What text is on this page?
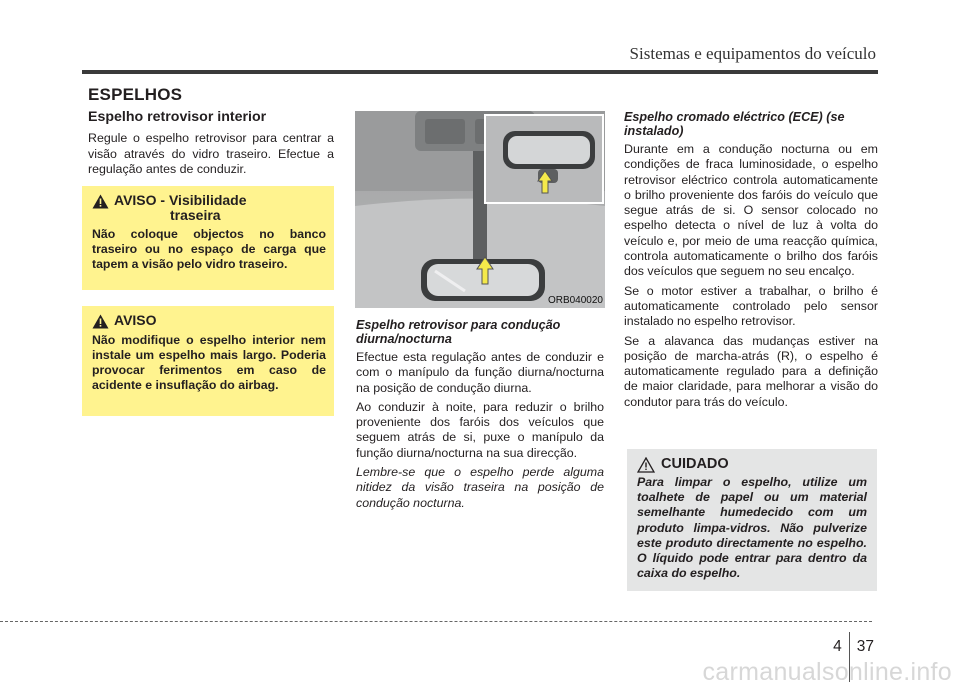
Sistemas e equipamentos do veículo
ESPELHOS
Espelho retrovisor interior

Regule o espelho retrovisor para centrar a visão através do vidro traseiro. Efectue a regulação antes de conduzir.

AVISO - Visibilidade
traseira

Não coloque objectos no banco traseiro ou no espaço de carga que tapem a visão pelo vidro traseiro.

AVISO

Não modifique o espelho interior nem instale um espelho mais largo. Poderia provocar ferimentos em caso de acidente e insuflação do airbag.

ORB040020
Espelho retrovisor para condução diurna/nocturna

Efectue esta regulação antes de conduzir e com o manípulo da função diurna/nocturna na posição de condução diurna.

Ao conduzir à noite, para reduzir o brilho proveniente dos faróis dos veículos que seguem atrás de si, puxe o manípulo da função diurna/nocturna na sua direcção.

Lembre-se que o espelho perde alguma nitidez da visão traseira na posição de condução nocturna.

Espelho cromado eléctrico (ECE) (se instalado)

Durante em a condução nocturna ou em condições de fraca luminosidade, o espelho retrovisor eléctrico controla automaticamente o brilho proveniente dos faróis do veículo que segue atrás de si. O sensor colocado no espelho detecta o nível de luz à volta do veículo e, por meio de uma reacção química, controla automaticamente o brilho dos faróis dos veículos que seguem no seu encalço.

Se o motor estiver a trabalhar, o brilho é automaticamente controlado pelo sensor instalado no espelho retrovisor.

Se a alavanca das mudanças estiver na posição de marcha-atrás (R), o espelho é automaticamente regulado para a definição de maior claridade, para melhorar a visão do condutor para trás do veículo.

CUIDADO

Para limpar o espelho, utilize um toalhete de papel ou um material semelhante humedecido com um produto limpa-vidros. Não pulverize este produto directamente no espelho. O líquido pode entrar para dentro da caixa do espelho.

4 37
carmanualsonline.info
